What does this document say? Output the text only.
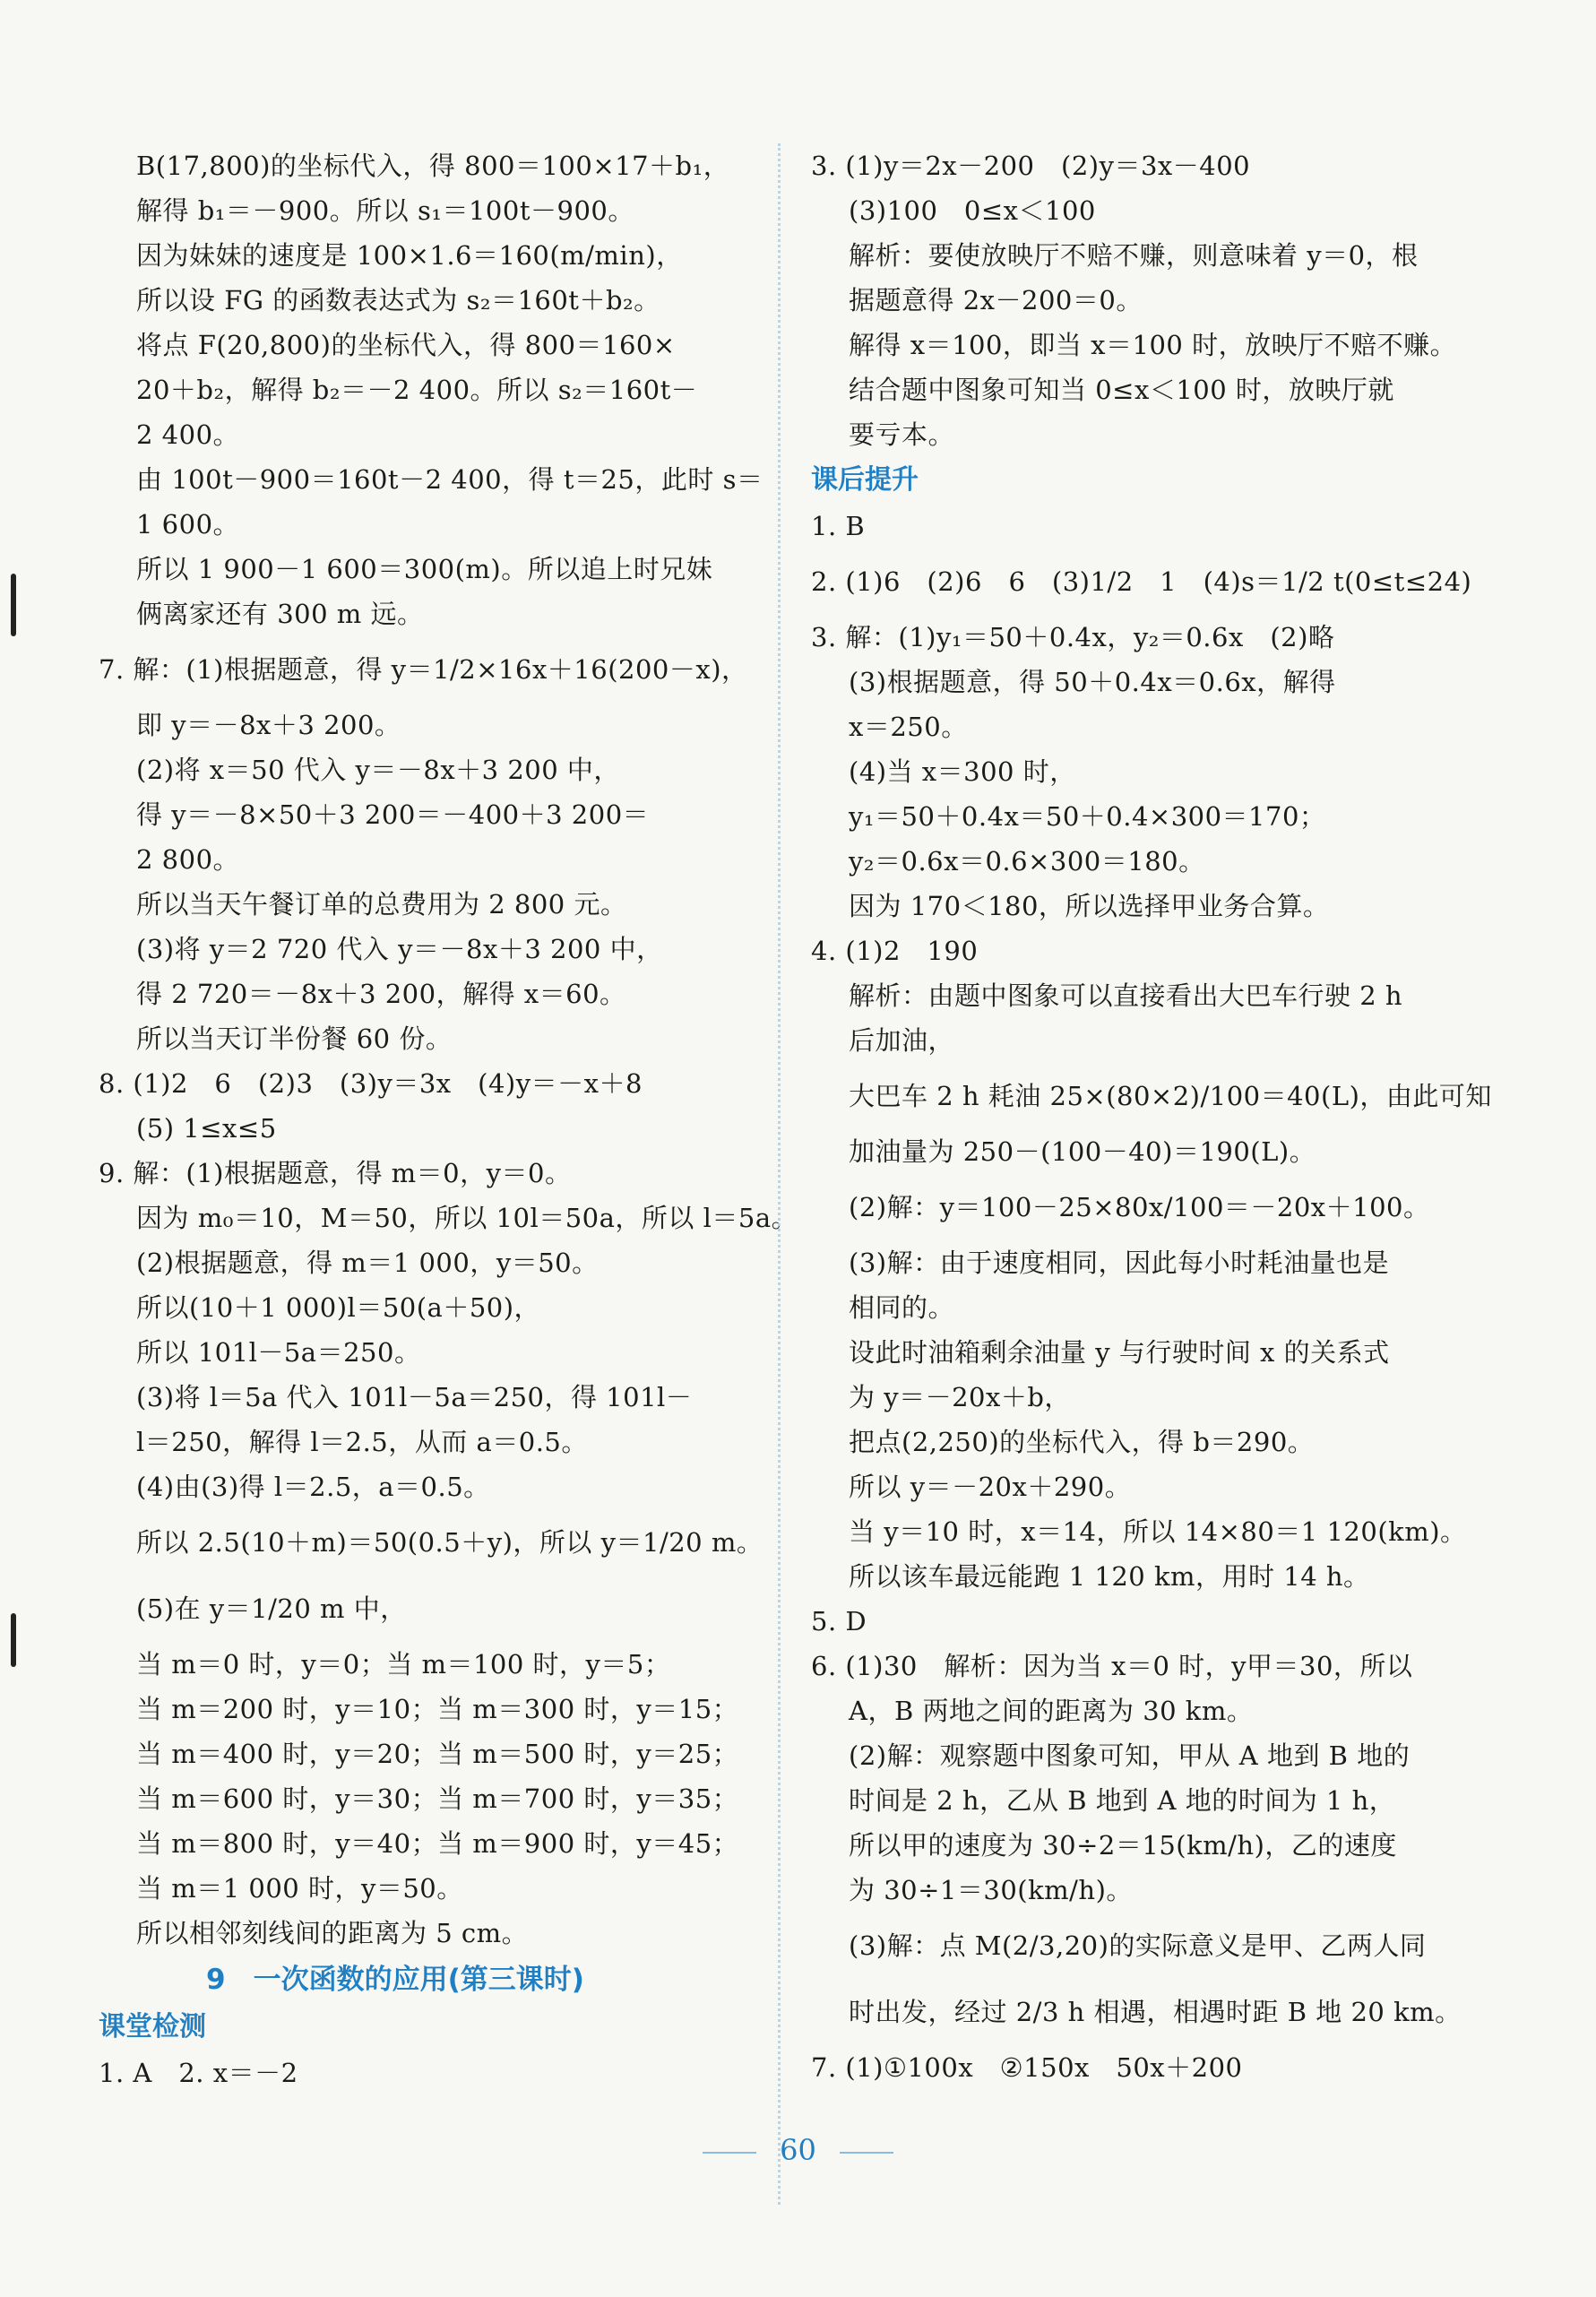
B(17,800)的坐标代入，得 800＝100×17＋b₁，
解得 b₁＝－900。所以 s₁＝100t－900。
因为妹妹的速度是 100×1.6＝160(m/min)，
所以设 FG 的函数表达式为 s₂＝160t＋b₂。
将点 F(20,800)的坐标代入，得 800＝160×
20＋b₂，解得 b₂＝－2 400。所以 s₂＝160t－
2 400。
由 100t－900＝160t－2 400，得 t＝25，此时 s＝
1 600。
所以 1 900－1 600＝300(m)。所以追上时兄妹
俩离家还有 300 m 远。
7. 解：(1)根据题意，得 y＝1/2×16x＋16(200－x)，
即 y＝－8x＋3 200。
(2)将 x＝50 代入 y＝－8x＋3 200 中，
得 y＝－8×50＋3 200＝－400＋3 200＝
2 800。
所以当天午餐订单的总费用为 2 800 元。
(3)将 y＝2 720 代入 y＝－8x＋3 200 中，
得 2 720＝－8x＋3 200，解得 x＝60。
所以当天订半份餐 60 份。
8. (1)2　6　(2)3　(3)y＝3x　(4)y＝－x＋8
(5) 1≤x≤5
9. 解：(1)根据题意，得 m＝0，y＝0。
因为 m₀＝10，M＝50，所以 10l＝50a，所以 l＝5a。
(2)根据题意，得 m＝1 000，y＝50。
所以(10＋1 000)l＝50(a＋50)，
所以 101l－5a＝250。
(3)将 l＝5a 代入 101l－5a＝250，得 101l－
l＝250，解得 l＝2.5，从而 a＝0.5。
(4)由(3)得 l＝2.5，a＝0.5。
所以 2.5(10＋m)＝50(0.5＋y)，所以 y＝1/20 m。
(5)在 y＝1/20 m 中，
当 m＝0 时，y＝0；当 m＝100 时，y＝5；
当 m＝200 时，y＝10；当 m＝300 时，y＝15；
当 m＝400 时，y＝20；当 m＝500 时，y＝25；
当 m＝600 时，y＝30；当 m＝700 时，y＝35；
当 m＝800 时，y＝40；当 m＝900 时，y＝45；
当 m＝1 000 时，y＝50。
所以相邻刻线间的距离为 5 cm。
9　一次函数的应用(第三课时)
课堂检测
1. A　2. x＝－2
3. (1)y＝2x－200　(2)y＝3x－400
(3)100　0≤x＜100
解析：要使放映厅不赔不赚，则意味着 y＝0，根
据题意得 2x－200＝0。
解得 x＝100，即当 x＝100 时，放映厅不赔不赚。
结合题中图象可知当 0≤x＜100 时，放映厅就
要亏本。
课后提升
1. B
2. (1)6　(2)6　6　(3)1/2　1　(4)s＝1/2 t(0≤t≤24)
3. 解：(1)y₁＝50＋0.4x，y₂＝0.6x　(2)略
(3)根据题意，得 50＋0.4x＝0.6x，解得
x＝250。
(4)当 x＝300 时，
y₁＝50＋0.4x＝50＋0.4×300＝170；
y₂＝0.6x＝0.6×300＝180。
因为 170＜180，所以选择甲业务合算。
4. (1)2　190
解析：由题中图象可以直接看出大巴车行驶 2 h
后加油，
大巴车 2 h 耗油 25×(80×2)/100＝40(L)，由此可知
加油量为 250－(100－40)＝190(L)。
(2)解：y＝100－25×80x/100＝－20x＋100。
(3)解：由于速度相同，因此每小时耗油量也是
相同的。
设此时油箱剩余油量 y 与行驶时间 x 的关系式
为 y＝－20x＋b，
把点(2,250)的坐标代入，得 b＝290。
所以 y＝－20x＋290。
当 y＝10 时，x＝14，所以 14×80＝1 120(km)。
所以该车最远能跑 1 120 km，用时 14 h。
5. D
6. (1)30　解析：因为当 x＝0 时，y甲＝30，所以
A，B 两地之间的距离为 30 km。
(2)解：观察题中图象可知，甲从 A 地到 B 地的
时间是 2 h，乙从 B 地到 A 地的时间为 1 h，
所以甲的速度为 30÷2＝15(km/h)，乙的速度
为 30÷1＝30(km/h)。
(3)解：点 M(2/3,20)的实际意义是甲、乙两人同
时出发，经过 2/3 h 相遇，相遇时距 B 地 20 km。
7. (1)①100x　②150x　50x＋200
60
